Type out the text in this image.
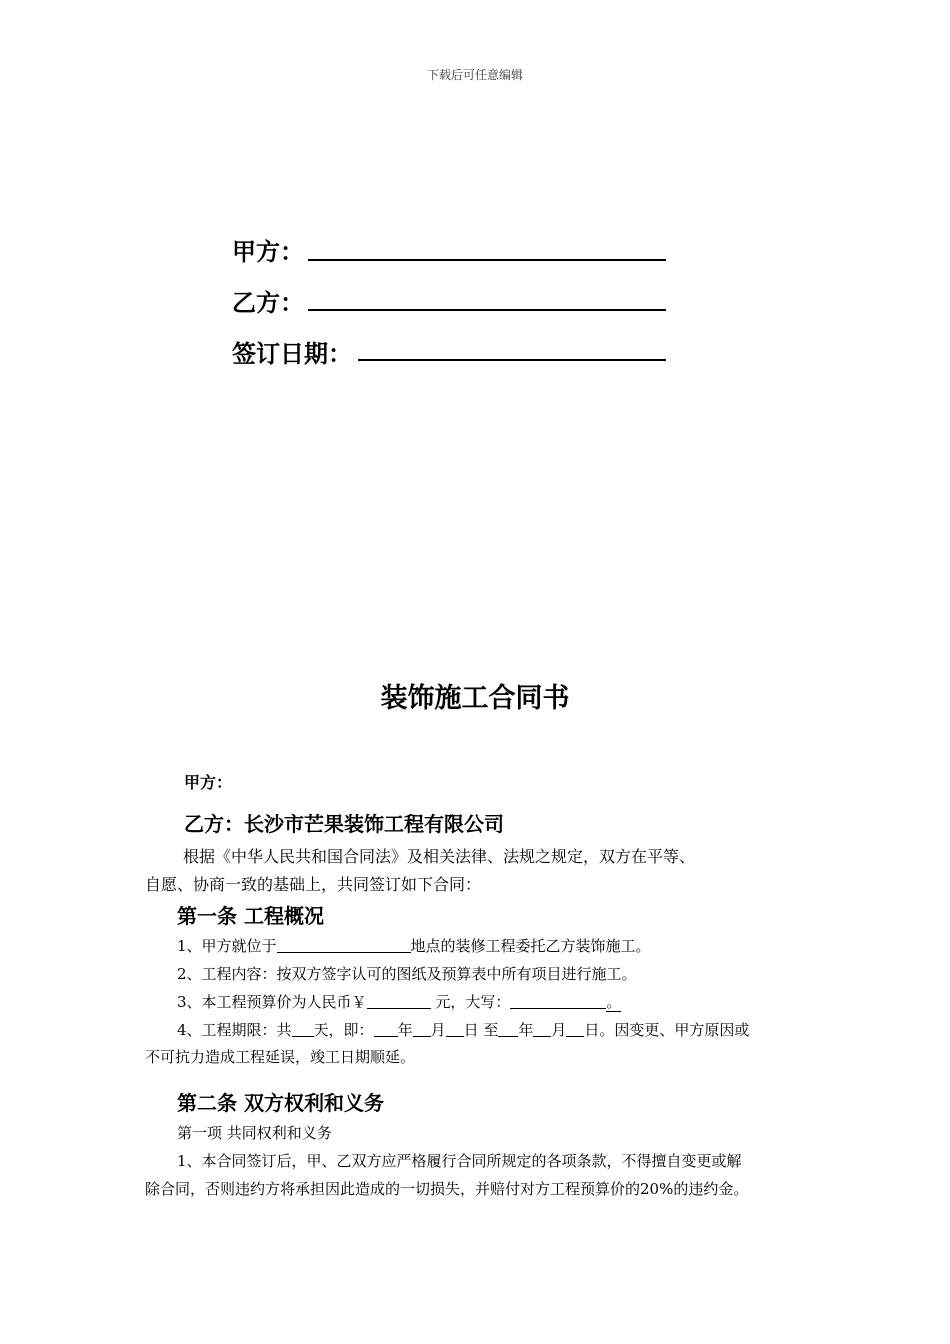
下载后可任意编辑
甲方：
乙方：
签订日期：
装饰施工合同书
甲方：
乙方：长沙市芒果装饰工程有限公司
根据《中华人民共和国合同法》及相关法律、法规之规定，双方在平等、
自愿、协商一致的基础上，共同签订如下合同：
第一条 工程概况
1、甲方就位于	地点的装修工程委托乙方装饰施工。
2、工程内容：按双方签字认可的图纸及预算表中所有项目进行施工。
3、本工程预算价为人民币￥	元，大写：	。
4、工程期限：共 天，即： 年 月 日 至 年 月 日。因变更、甲方原因或
不可抗力造成工程延误，竣工日期顺延。
第二条 双方权利和义务
第一项 共同权利和义务
1、本合同签订后，甲、乙双方应严格履行合同所规定的各项条款，不得擅自变更或解
除合同，否则违约方将承担因此造成的一切损失，并赔付对方工程预算价的20%的违约金。
